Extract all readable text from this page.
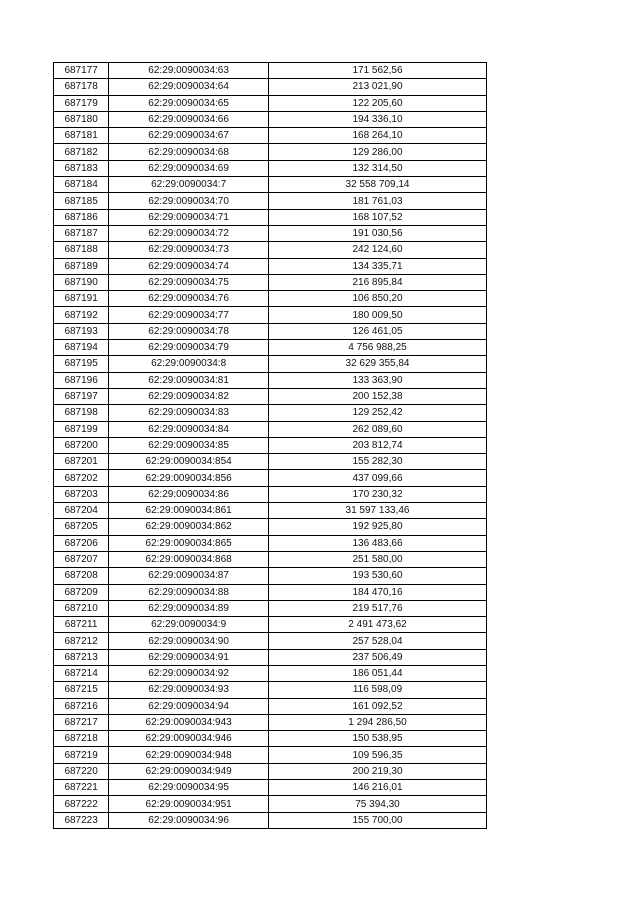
687177	62:29:0090034:63	171 562,56
687178	62:29:0090034:64	213 021,90
687179	62:29:0090034:65	122 205,60
687180	62:29:0090034:66	194 336,10
687181	62:29:0090034:67	168 264,10
687182	62:29:0090034:68	129 286,00
687183	62:29:0090034:69	132 314,50
687184	62:29:0090034:7	32 558 709,14
687185	62:29:0090034:70	181 761,03
687186	62:29:0090034:71	168 107,52
687187	62:29:0090034:72	191 030,56
687188	62:29:0090034:73	242 124,60
687189	62:29:0090034:74	134 335,71
687190	62:29:0090034:75	216 895,84
687191	62:29:0090034:76	106 850,20
687192	62:29:0090034:77	180 009,50
687193	62:29:0090034:78	126 461,05
687194	62:29:0090034:79	4 756 988,25
687195	62:29:0090034:8	32 629 355,84
687196	62:29:0090034:81	133 363,90
687197	62:29:0090034:82	200 152,38
687198	62:29:0090034:83	129 252,42
687199	62:29:0090034:84	262 089,60
687200	62:29:0090034:85	203 812,74
687201	62:29:0090034:854	155 282,30
687202	62:29:0090034:856	437 099,66
687203	62:29:0090034:86	170 230,32
687204	62:29:0090034:861	31 597 133,46
687205	62:29:0090034:862	192 925,80
687206	62:29:0090034:865	136 483,66
687207	62:29:0090034:868	251 580,00
687208	62:29:0090034:87	193 530,60
687209	62:29:0090034:88	184 470,16
687210	62:29:0090034:89	219 517,76
687211	62:29:0090034:9	2 491 473,62
687212	62:29:0090034:90	257 528,04
687213	62:29:0090034:91	237 506,49
687214	62:29:0090034:92	186 051,44
687215	62:29:0090034:93	116 598,09
687216	62:29:0090034:94	161 092,52
687217	62:29:0090034:943	1 294 286,50
687218	62:29:0090034:946	150 538,95
687219	62:29:0090034:948	109 596,35
687220	62:29:0090034:949	200 219,30
687221	62:29:0090034:95	146 216,01
687222	62:29:0090034:951	75 394,30
687223	62:29:0090034:96	155 700,00
